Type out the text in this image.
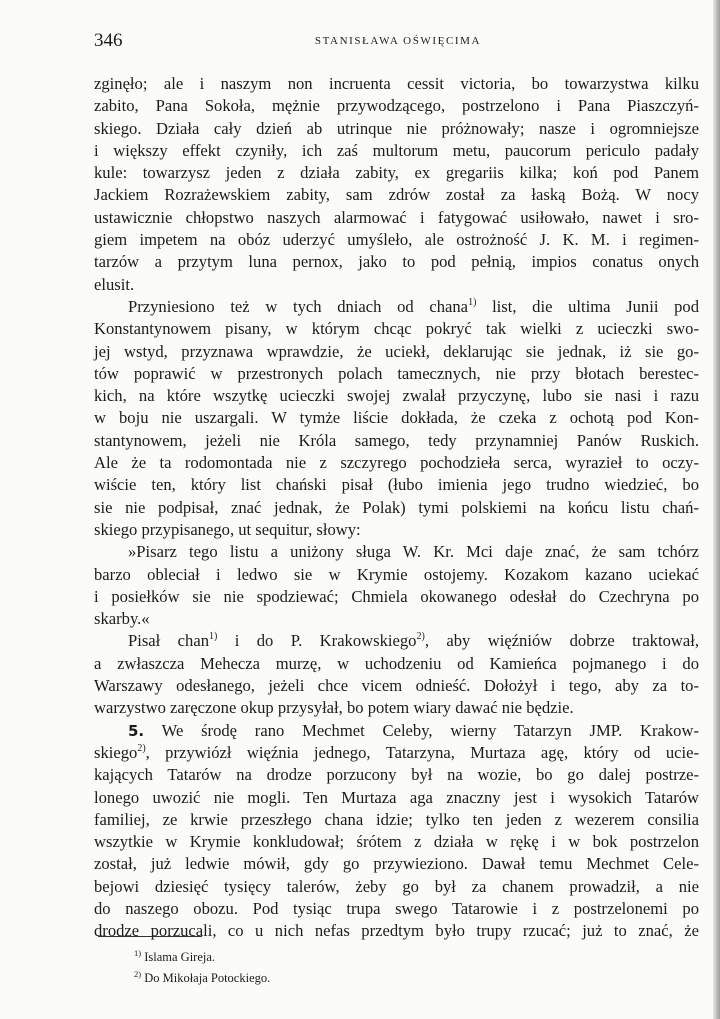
346	STANISŁAWA OŚWIĘCIMA

zginęło; ale i naszym non incruenta cessit victoria, bo towarzystwa kilku

zabito, Pana Sokoła, mężnie przywodzącego, postrzelono i Pana Piaszczyń-

skiego. Działa cały dzień ab utrinque nie próżnowały; nasze i ogromniejsze

i większy effekt czyniły, ich zaś multorum metu, paucorum periculo padały

kule: towarzysz jeden z działa zabity, ex gregariis kilka; koń pod Panem

Jackiem Rozrażewskiem zabity, sam zdrów został za łaską Bożą. W nocy

ustawicznie chłopstwo naszych alarmować i fatygować usiłowało, nawet i sro-

giem impetem na obóz uderzyć umyśleło, ale ostrożność J. K. M. i regimen-

tarzów a przytym luna pernox, jako to pod pełnią, impios conatus onych

elusit.

Przyniesiono też w tych dniach od chana$^{1)}$ list, die ultima Junii pod

Konstantynowem pisany, w którym chcąc pokryć tak wielki z ucieczki swo-

jej wstyd, przyznawa wprawdzie, że uciekł, deklarując sie jednak, iż sie go-

tów poprawić w przestronych polach tamecznych, nie przy błotach beresteс-

kich, na które wszytkę ucieczki swojej zwalał przyczynę, lubo sie nasi i razu

w boju nie uszargali. W tymże liście dokłada, że czeka z ochotą pod Kon-

stantynowem, jeżeli nie Króla samego, tedy przynamniej Panów Ruskich.

Ale że ta rodomontada nie z szczyrego pochodzieła serca, wyraziеł to oczy-

wiście ten, który list chański pisał (łubo imienia jego trudno wiedzieć, bo

sie nie podpisał, znać jednak, że Polak) tymi polskiemi na końcu listu chań-

skiego przypisanego, ut sequitur, słowy:

»Pisarz tego listu a uniżony sługa W. Kr. Mci daje znać, że sam tchórz

barzo obleciał i ledwo sie w Krymie ostojemy. Kozakom kazano uciekać

i posiełków sie nie spodziewać; Chmiela okowanego odesłał do Czechryna po

skarby.«

Pisał chan$^{1)}$ i do P. Krakowskiego$^{2)}$, aby więźniów dobrze traktował,

a zwłaszcza Mehecza murzę, w uchodzeniu od Kamieńca pojmanego i do

Warszawy odesłanego, jeżeli chce vicem odnieść. Dołożył i tego, aby za to-

warzystwo zaręczone okup przysyłał, bo potem wiary dawać nie będzie.

5. We środę rano Mechmet Celeby, wierny Tatarzyn JMP. Krakow-

skiego$^{2)}$, przywiózł więźnia jednego, Tatarzyna, Murtaza agę, który od ucie-

kających Tatarów na drodze porzucony był na wozie, bo go dalej postrze-

lonego uwozić nie mogli. Ten Murtaza aga znaczny jest i wysokich Tatarów

familiej, ze krwie przeszłego chana idzie; tylko ten jeden z wezerem consilia

wszytkie w Krymie konkludował; śrótem z działa w rękę i w bok postrzelon

został, już ledwie mówił, gdy go przywieziono. Dawał temu Mechmet Cele-

bejowi dziesięć tysięcy talerów, żeby go był za chanem prowadził, a nie

do naszego obozu. Pod tysiąc trupa swego Tatarowie i z postrzelonemi po

drodze porzucali, co u nich nefas przedtym było trupy rzucać; już to znać, że

$^{1)}$ Islama Gireja.

$^{2)}$ Do Mikołaja Potockiego.
